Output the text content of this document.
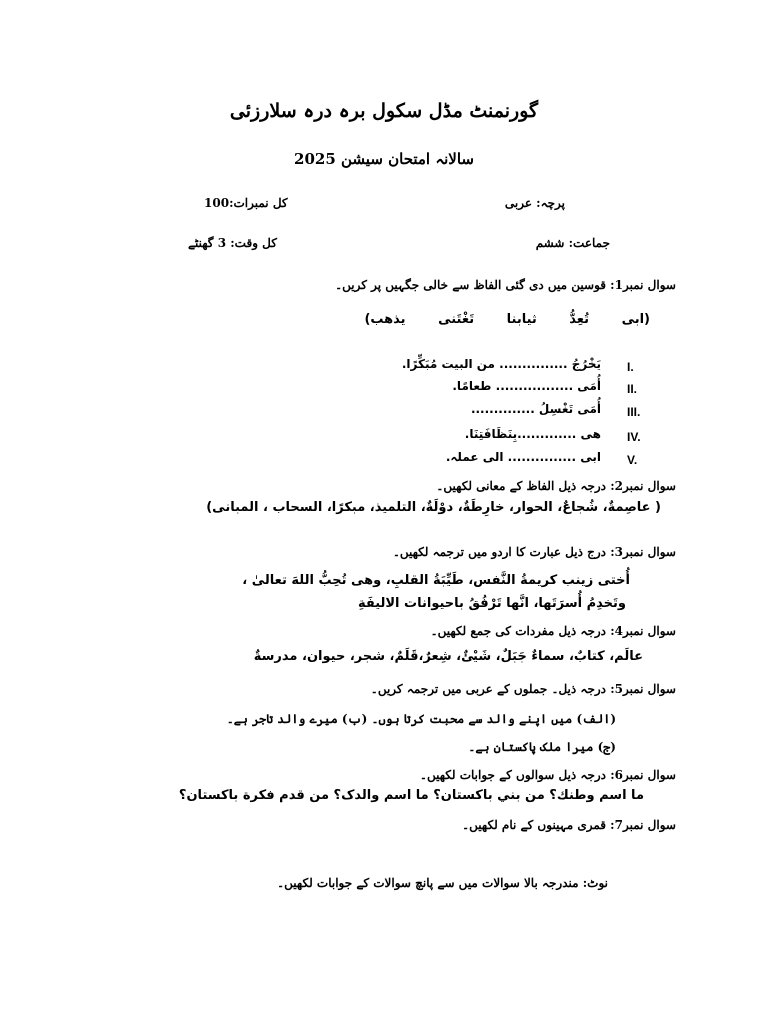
گورنمنٹ مڈل سکول برہ درہ سلارزئی
سالانہ امتحان سیشن 2025
پرچہ: عربی
کل نمبرات:100
جماعت: ششم
کل وقت: 3 گھنٹے
سوال نمبر1: قوسین میں دی گئی الفاظ سے خالی جگہیں پر کریں۔
(ابی تُعِدُّ ثیابنا تَغْتَنی یذهب)
I.
يَخْرُجُ ............... من البیت مُبَكِّرًا.
II.
أُمَی ................. طعامًا.
III.
أُمَی تَغْسِلُ ..............
IV.
هی .............بِنَظَافَتِنَا.
V.
ابی ............... الی عملہ.
سوال نمبر2: درجہ ذیل الفاظ کے معانی لکھیں۔
( عاصِمةٌ، شُجاعٌ، الحوار، خارِطَةٌ، دوْلَةٌ، التلمیذ، مبكرًا، السحاب ، المبانی)
سوال نمبر3: درج ذیل عبارت کا اردو میں ترجمہ لکھیں۔
أُختی زینب كريمةُ النَّفس، طَيِّبَةُ القلبِ، وهی تُحِبُّ اللهَ تعالیٰ ،
وتَخدِمُ أُسرَتَها، انَّها تَرْفُقُ باحیوانات الالیفَةِ
سوال نمبر4: درجہ ذیل مفردات کی جمع لکھیں۔
عالَم، کتابٌ، سماءٌ جَبَلٌ، شَیْئٌ، شِعرٌ،قَلَمٌ، شجر، حیوان، مدرسةٌ
سوال نمبر5: درجہ ذیل۔ جملوں کے عربی میں ترجمہ کریں۔
(الف) میں اپنے والد سے محبت کرتا ہوں۔ (ب) میرے والد تاجر ہے۔
(ج) میرا ملک پاکستان ہے۔
سوال نمبر6: درجہ ذیل سوالوں کے جوابات لکھیں۔
ما اسم وطنك؟ من بني باكستان؟ ما اسم والدک؟ من قدم فكرة باكستان؟
سوال نمبر7: قمری مہینوں کے نام لکھیں۔
نوٹ: مندرجہ بالا سوالات میں سے پانچ سوالات کے جوابات لکھیں۔
